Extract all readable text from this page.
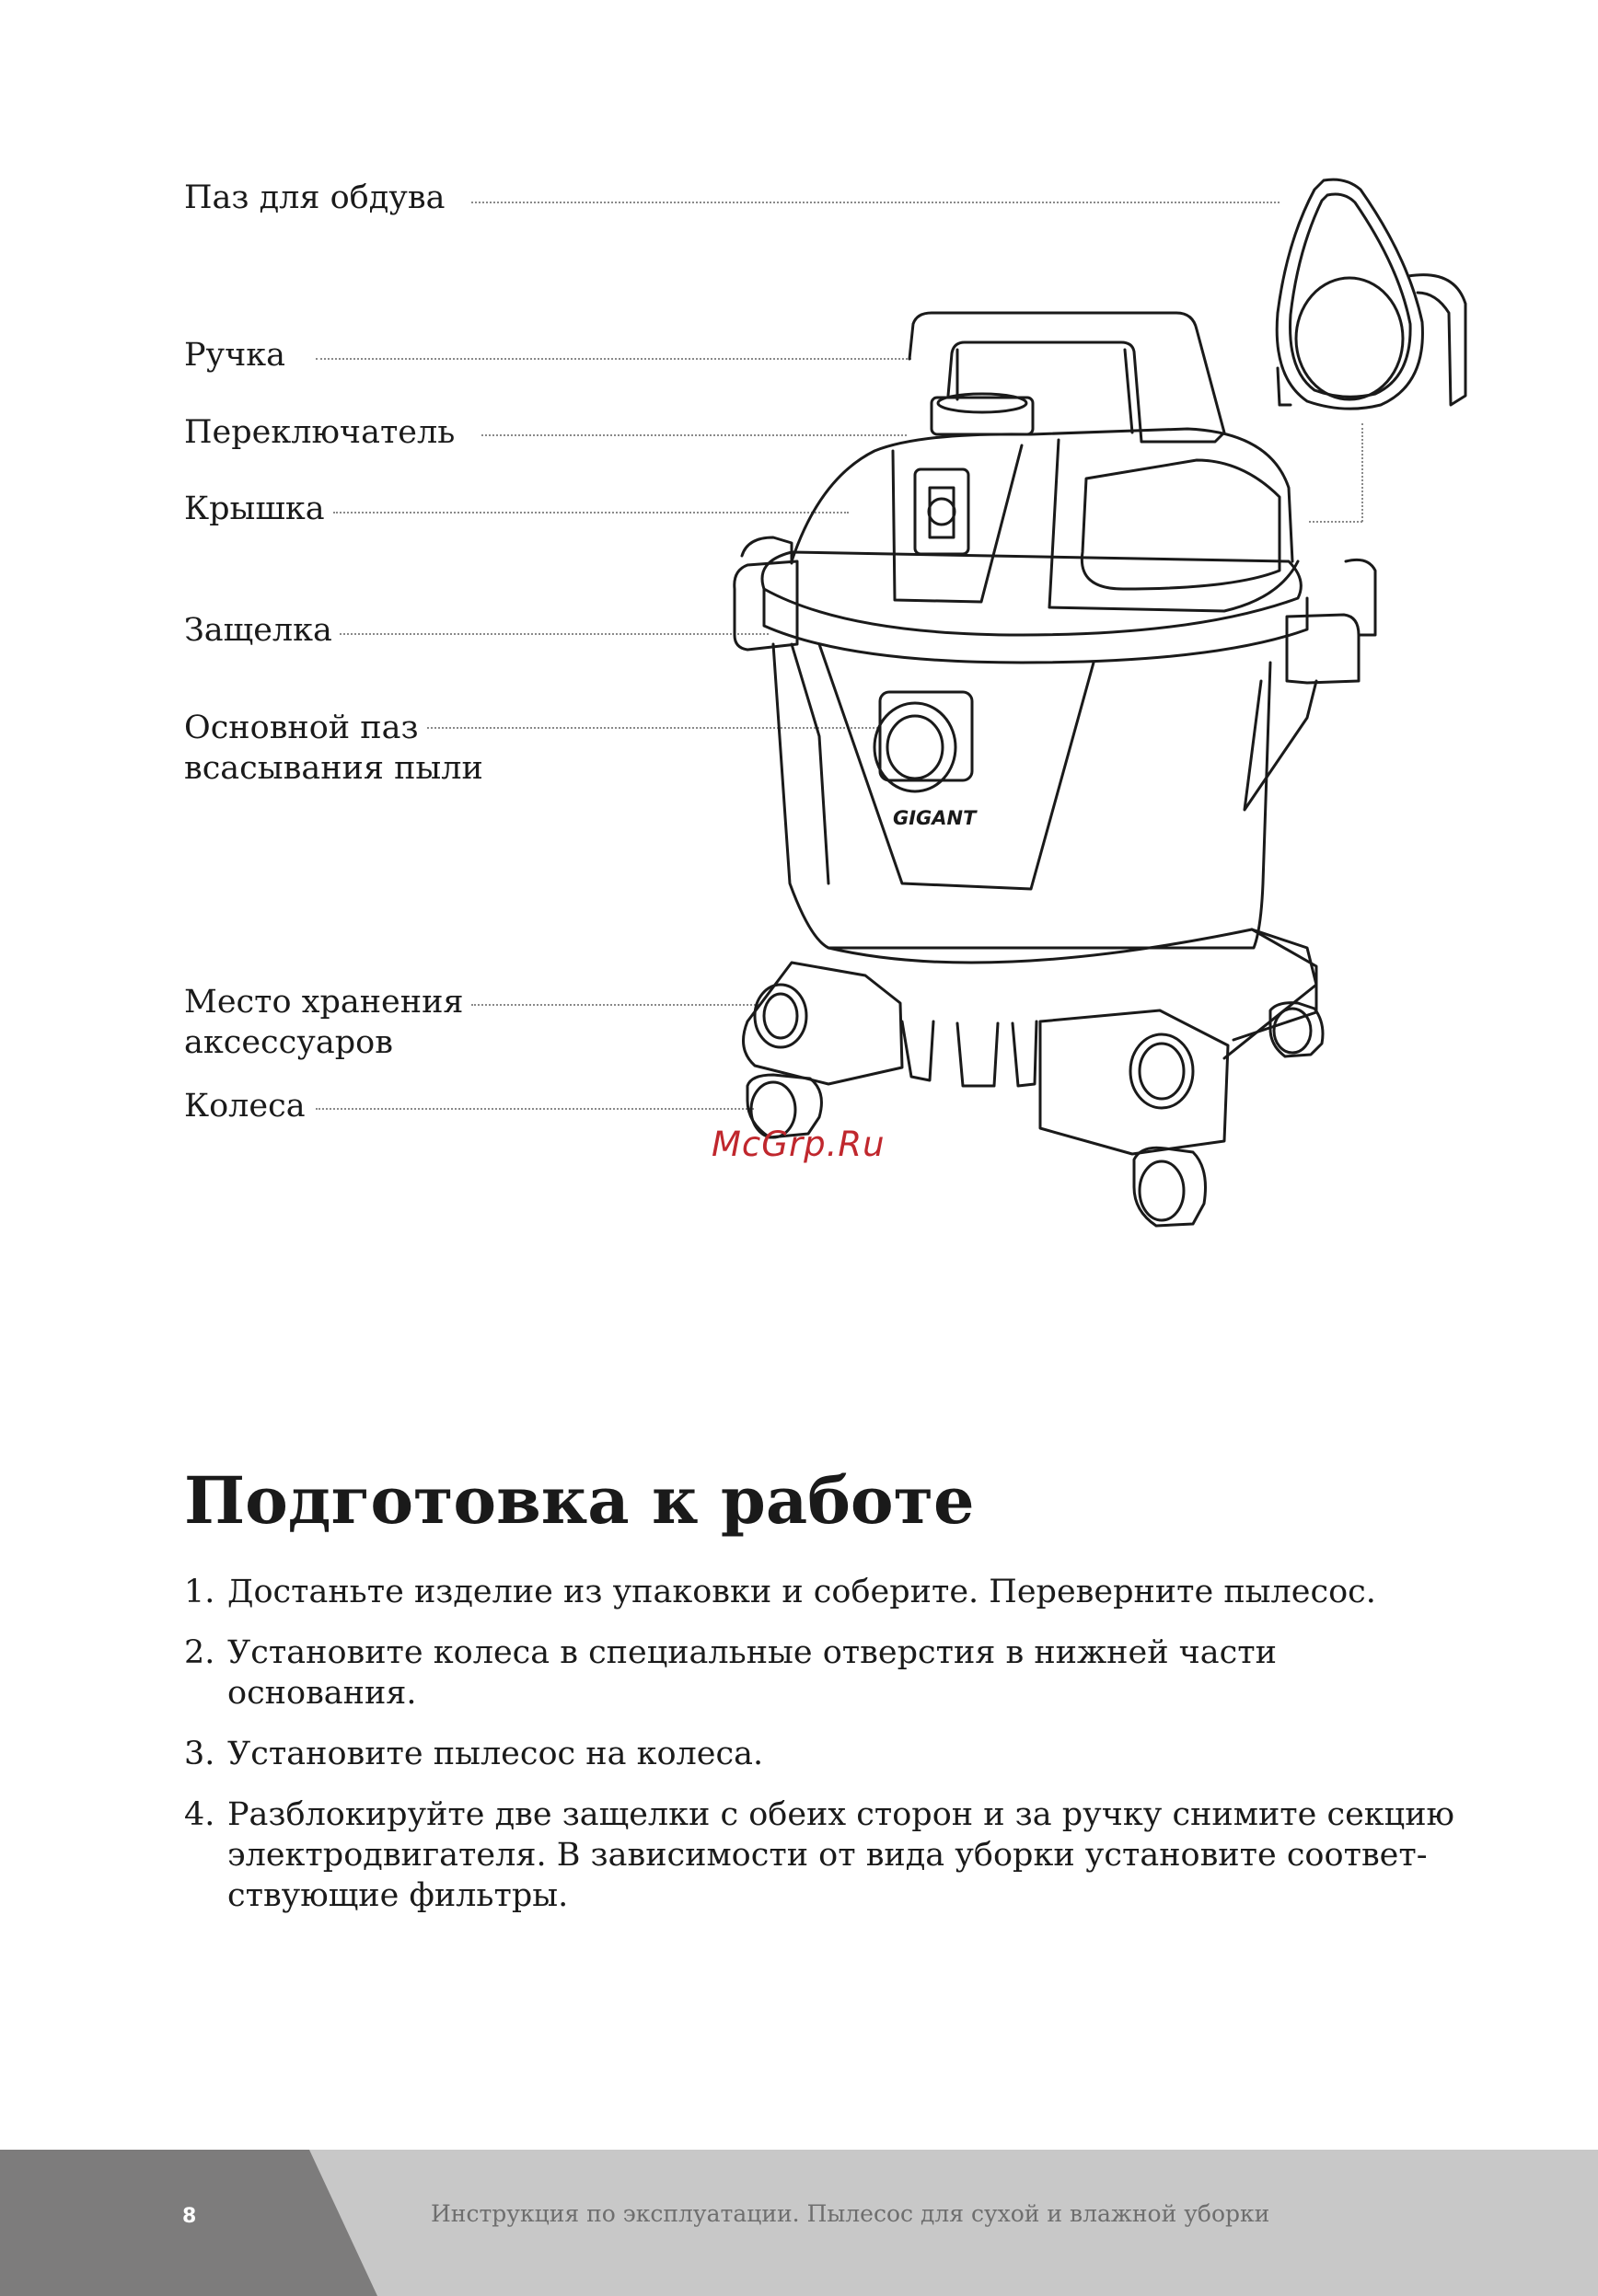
Паз для обдува
Ручка
Переключатель
Крышка
Защелка
Основной паз
всасывания пыли
Место хранения
аксессуаров
Колеса
GIGANT
McGrp.Ru
Подготовка к работе
1. Достаньте изделие из упаковки и соберите. Переверните пылесос.
2. Установите колеса в специальные отверстия в нижней части основания.
3. Установите пылесос на колеса.
4. Разблокируйте две защелки с обеих сторон и за ручку снимите секцию электродвигателя. В зависимости от вида уборки установите соответствующие фильтры.
8	Инструкция по эксплуатации. Пылесос для сухой и влажной уборки
